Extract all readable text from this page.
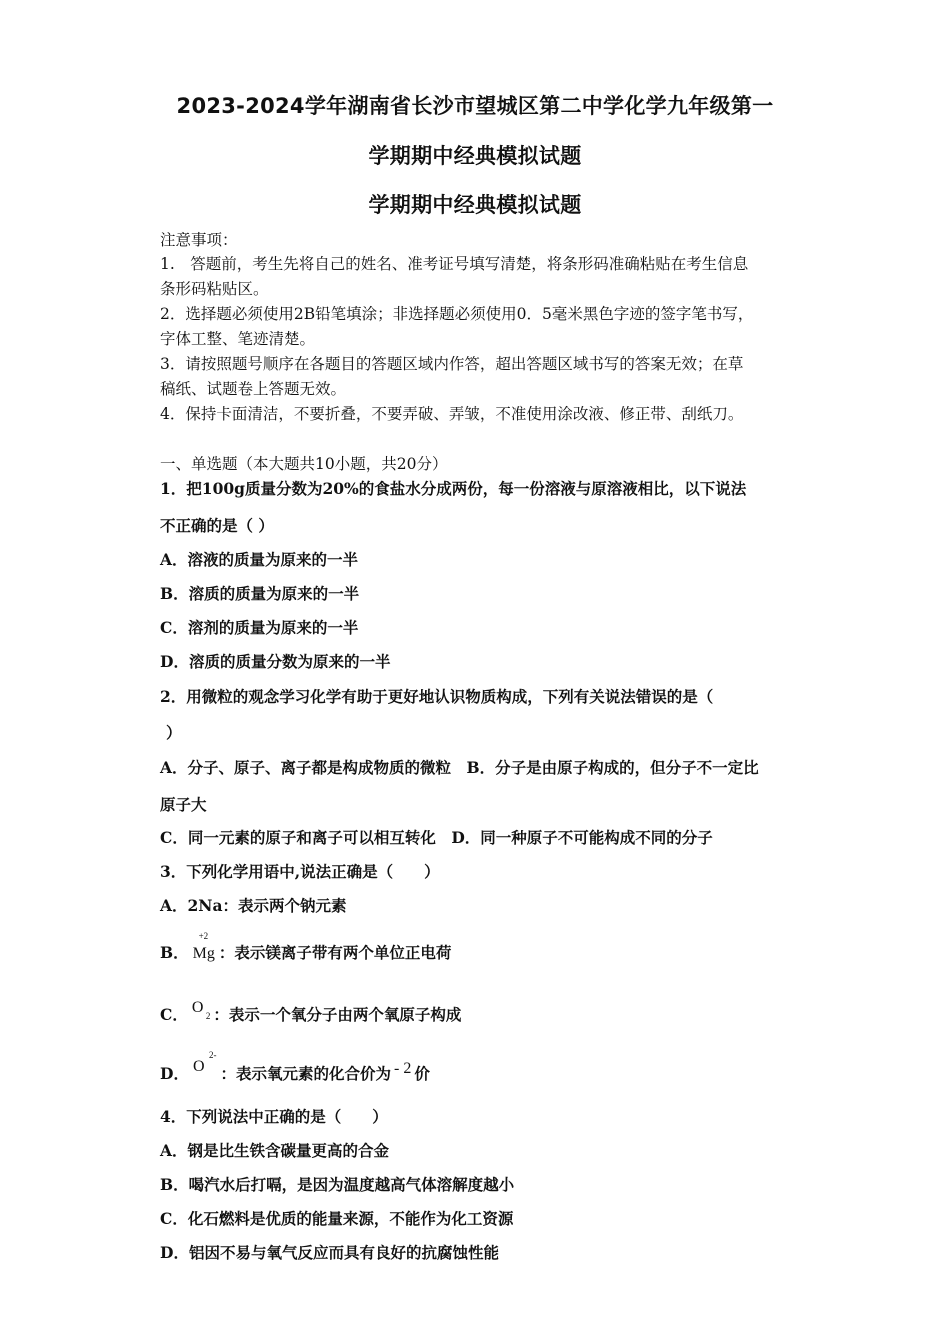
2023-2024学年湖南省长沙市望城区第二中学化学九年级第一
学期期中经典模拟试题
学期期中经典模拟试题
注意事项：
1.　答题前，考生先将自己的姓名、准考证号填写清楚，将条形码准确粘贴在考生信息
条形码粘贴区。
2．选择题必须使用2B铅笔填涂；非选择题必须使用0．5毫米黑色字迹的签字笔书写，
字体工整、笔迹清楚。
3．请按照题号顺序在各题目的答题区域内作答，超出答题区域书写的答案无效；在草
稿纸、试题卷上答题无效。
4．保持卡面清洁，不要折叠，不要弄破、弄皱，不准使用涂改液、修正带、刮纸刀。
一、单选题（本大题共10小题，共20分）
1．把100g质量分数为20%的食盐水分成两份，每一份溶液与原溶液相比，以下说法
不正确的是（ ）
A．溶液的质量为原来的一半
B．溶质的质量为原来的一半
C．溶剂的质量为原来的一半
D．溶质的质量分数为原来的一半
2．用微粒的观念学习化学有助于更好地认识物质构成，下列有关说法错误的是（
）
A．分子、原子、离子都是构成物质的微粒　B．分子是由原子构成的，但分子不一定比
原子大
C．同一元素的原子和离子可以相互转化　D．同一种原子不可能构成不同的分子
3．下列化学用语中,说法正确是（　　）
A．2Na：表示两个钠元素
B．
+2
Mg ：表示镁离子带有两个单位正电荷
C． O 2 ：表示一个氧分子由两个氧原子构成
D． O
2-
：表示氧元素的化合价为 - 2 价
4．下列说法中正确的是（　　）
A．钢是比生铁含碳量更高的合金
B．喝汽水后打嗝，是因为温度越高气体溶解度越小
C．化石燃料是优质的能量来源，不能作为化工资源
D．铝因不易与氧气反应而具有良好的抗腐蚀性能
